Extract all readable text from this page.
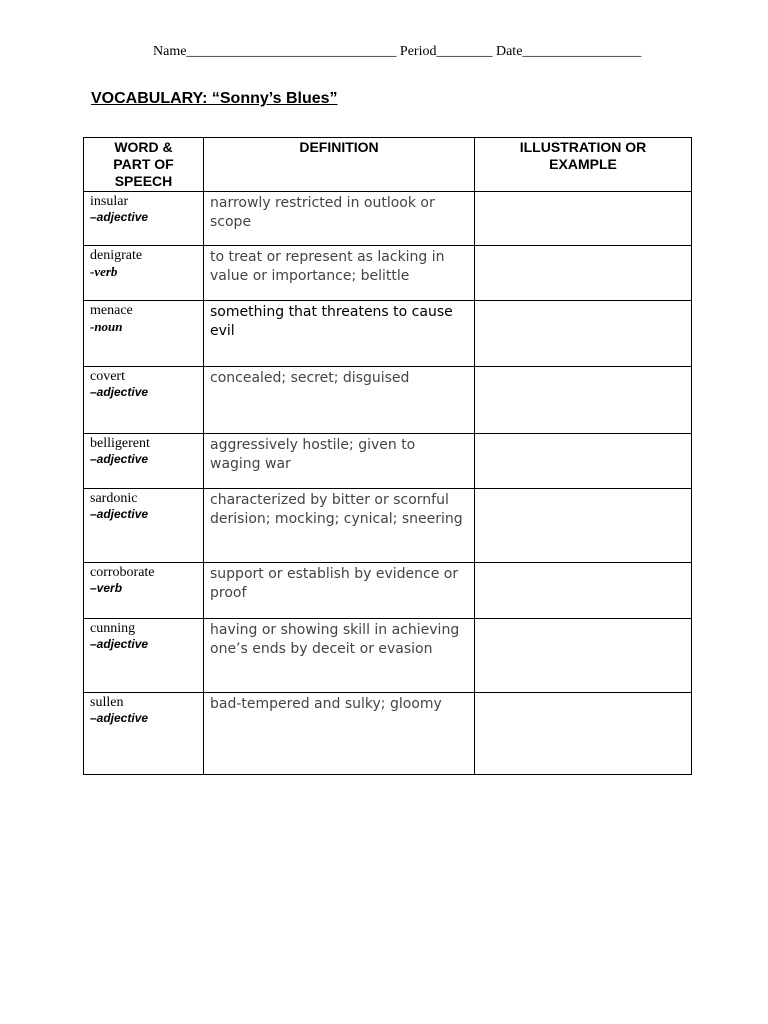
Name______________________________ Period________ Date_________________
VOCABULARY: “Sonny’s Blues”
WORD & PART OF SPEECH	DEFINITION	ILLUSTRATION OR EXAMPLE

insular
–adjective	narrowly restricted in outlook or scope	

denigrate
-verb	to treat or represent as lacking in value or importance; belittle	

menace
-noun	something that threatens to cause evil	

covert
–adjective	concealed; secret; disguised	

belligerent
–adjective	aggressively hostile; given to waging war	

sardonic
–adjective	characterized by bitter or scornful derision; mocking; cynical; sneering	

corroborate
–verb	support or establish by evidence or proof	

cunning
–adjective	having or showing skill in achieving one’s ends by deceit or evasion	

sullen
–adjective	bad-tempered and sulky; gloomy	
